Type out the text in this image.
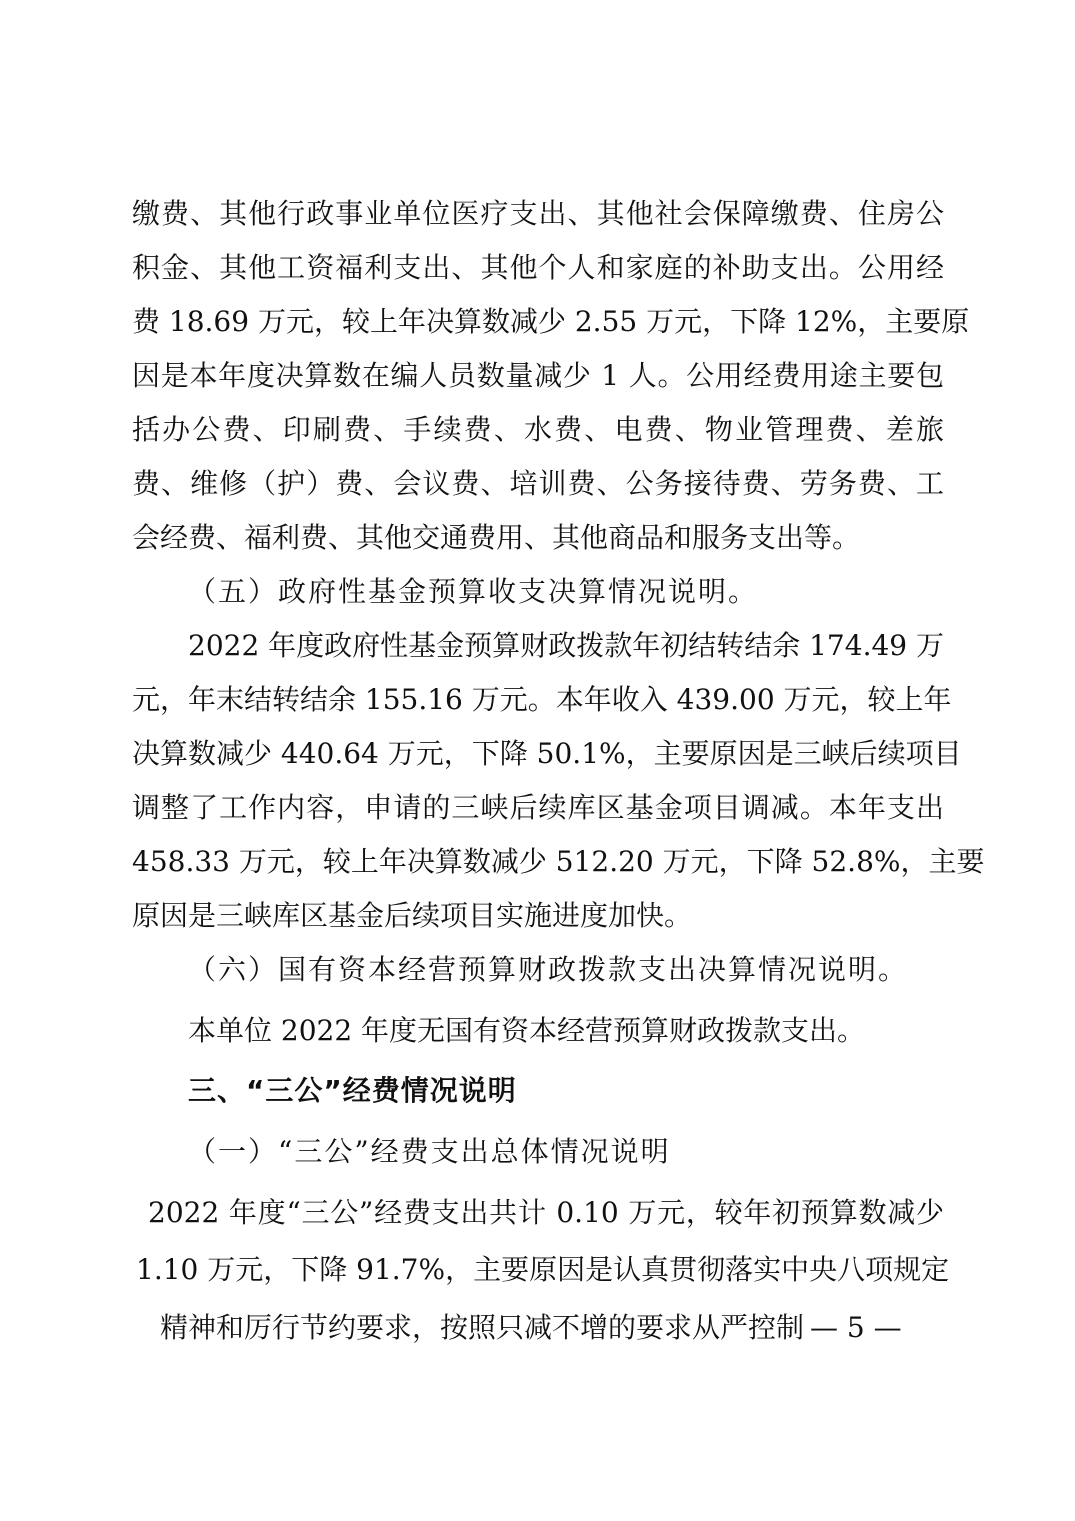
缴费、其他行政事业单位医疗支出、其他社会保障缴费、住房公
积金、其他工资福利支出、其他个人和家庭的补助支出。公用经
费 18.69 万元，较上年决算数减少 2.55 万元，下降 12%，主要原
因是本年度决算数在编人员数量减少 1 人。公用经费用途主要包
括办公费、印刷费、手续费、水费、电费、物业管理费、差旅
费、维修（护）费、会议费、培训费、公务接待费、劳务费、工
会经费、福利费、其他交通费用、其他商品和服务支出等。
（五）政府性基金预算收支决算情况说明。
2022 年度政府性基金预算财政拨款年初结转结余 174.49 万
元，年末结转结余 155.16 万元。本年收入 439.00 万元，较上年
决算数减少 440.64 万元，下降 50.1%，主要原因是三峡后续项目
调整了工作内容，申请的三峡后续库区基金项目调减。本年支出
458.33 万元，较上年决算数减少 512.20 万元，下降 52.8%，主要
原因是三峡库区基金后续项目实施进度加快。
（六）国有资本经营预算财政拨款支出决算情况说明。
本单位 2022 年度无国有资本经营预算财政拨款支出。
三、“三公”经费情况说明
（一）“三公”经费支出总体情况说明
2022 年度“三公”经费支出共计 0.10 万元，较年初预算数减少
1.10 万元，下降 91.7%，主要原因是认真贯彻落实中央八项规定
精神和厉行节约要求，按照只减不增的要求从严控制 — 5 —
